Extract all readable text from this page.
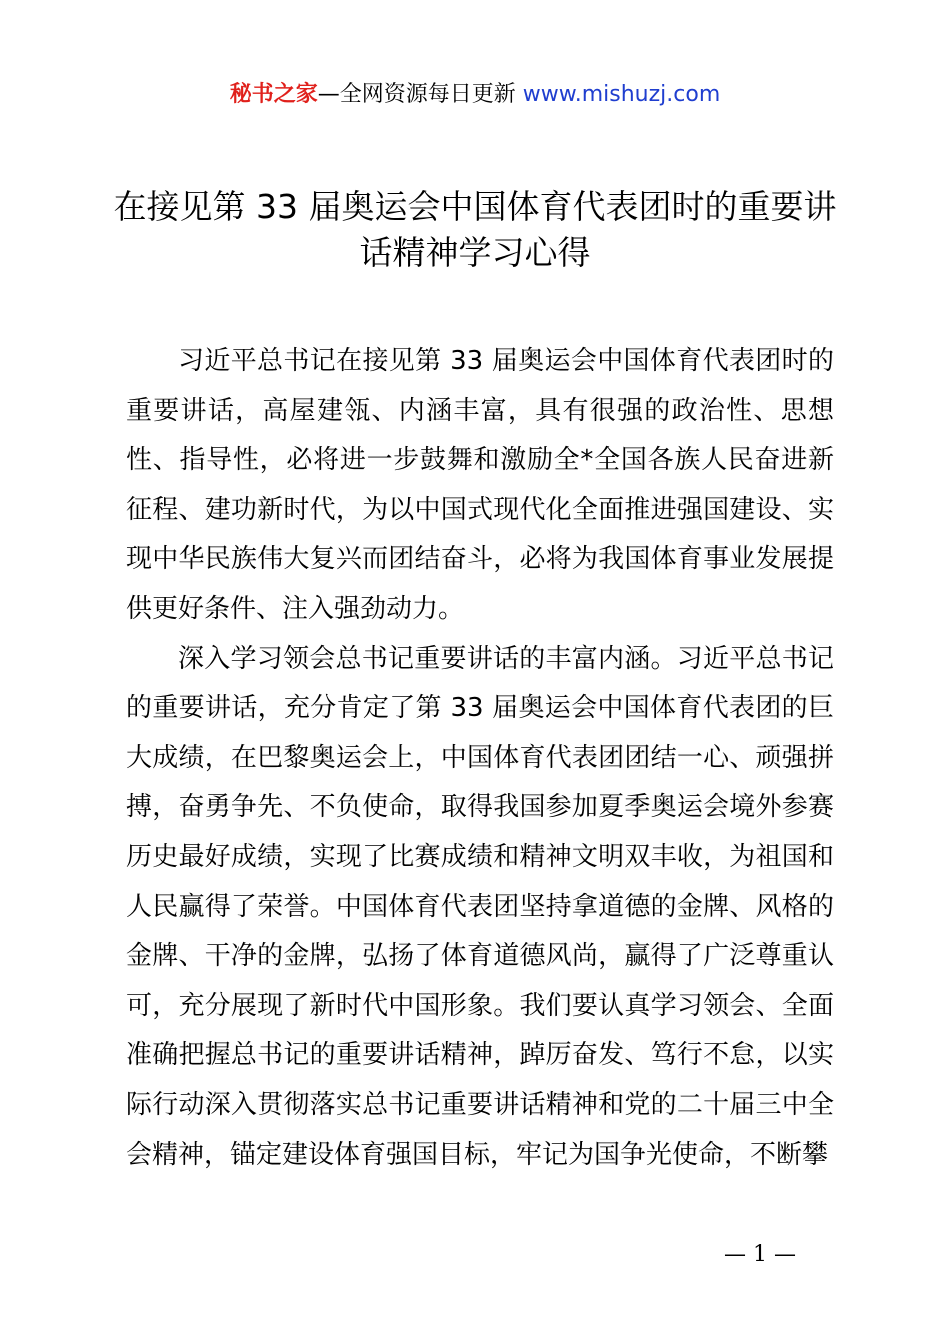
秘书之家—全网资源每日更新 www.mishuzj.com
在接见第 33 届奥运会中国体育代表团时的重要讲话精神学习心得

习近平总书记在接见第 33 届奥运会中国体育代表团时的重要讲话，高屋建瓴、内涵丰富，具有很强的政治性、思想性、指导性，必将进一步鼓舞和激励全*全国各族人民奋进新征程、建功新时代，为以中国式现代化全面推进强国建设、实现中华民族伟大复兴而团结奋斗，必将为我国体育事业发展提供更好条件、注入强劲动力。

深入学习领会总书记重要讲话的丰富内涵。习近平总书记的重要讲话，充分肯定了第 33 届奥运会中国体育代表团的巨大成绩，在巴黎奥运会上，中国体育代表团团结一心、顽强拼搏，奋勇争先、不负使命，取得我国参加夏季奥运会境外参赛历史最好成绩，实现了比赛成绩和精神文明双丰收，为祖国和人民赢得了荣誉。中国体育代表团坚持拿道德的金牌、风格的金牌、干净的金牌，弘扬了体育道德风尚，赢得了广泛尊重认可，充分展现了新时代中国形象。我们要认真学习领会、全面准确把握总书记的重要讲话精神，踔厉奋发、笃行不怠，以实际行动深入贯彻落实总书记重要讲话精神和党的二十届三中全会精神，锚定建设体育强国目标，牢记为国争光使命，不断攀

— 1 —
